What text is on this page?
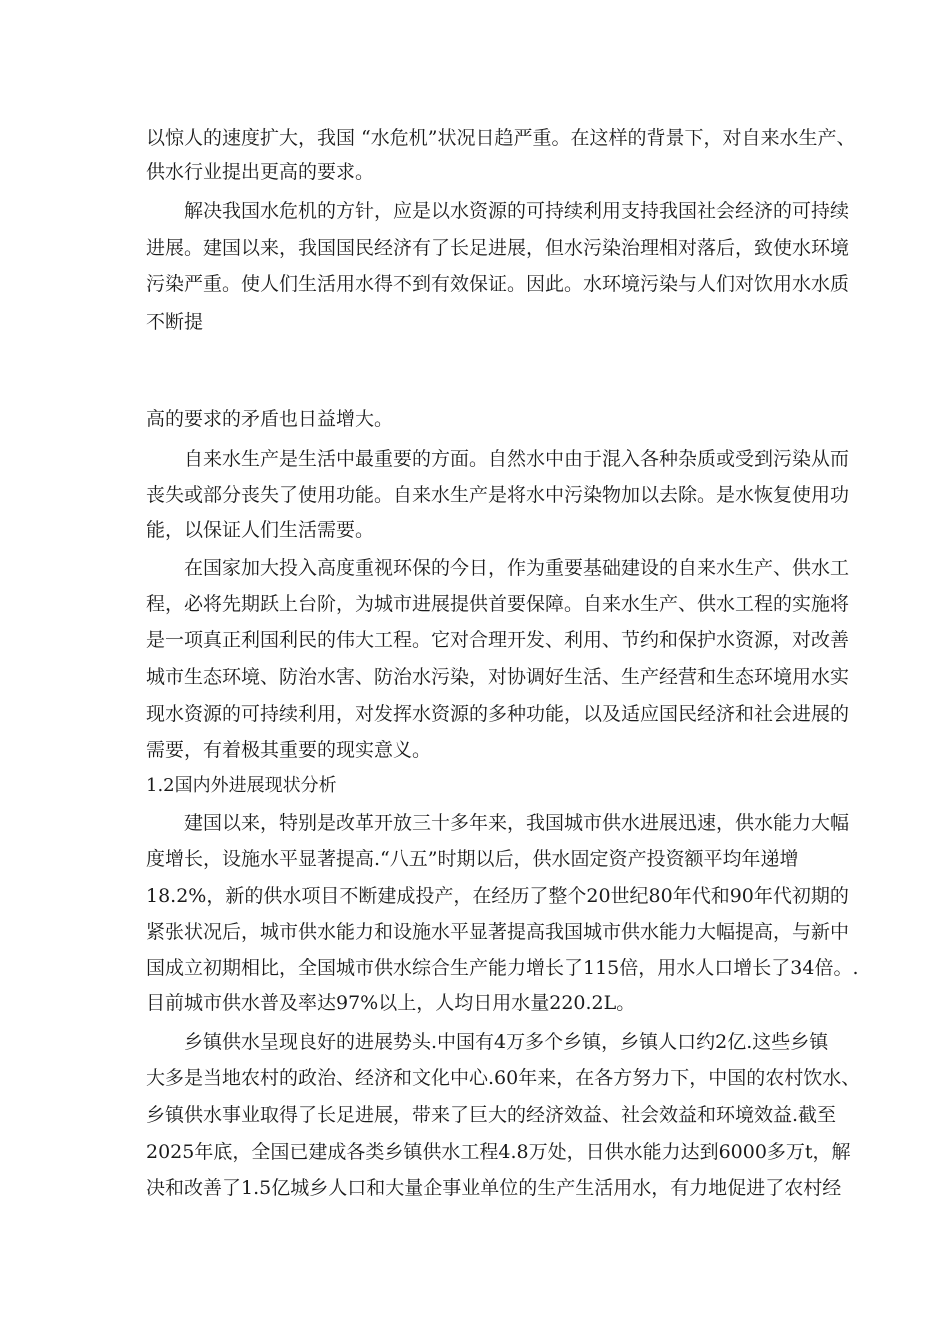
以惊人的速度扩大，我国 “水危机”状况日趋严重。在这样的背景下，对自来水生产、
供水行业提出更高的要求。
解决我国水危机的方针，应是以水资源的可持续利用支持我国社会经济的可持续
进展。建国以来，我国国民经济有了长足进展，但水污染治理相对落后，致使水环境
污染严重。使人们生活用水得不到有效保证。因此。水环境污染与人们对饮用水水质
不断提
高的要求的矛盾也日益增大。
自来水生产是生活中最重要的方面。自然水中由于混入各种杂质或受到污染从而
丧失或部分丧失了使用功能。自来水生产是将水中污染物加以去除。是水恢复使用功
能，以保证人们生活需要。
在国家加大投入高度重视环保的今日，作为重要基础建设的自来水生产、供水工
程，必将先期跃上台阶，为城市进展提供首要保障。自来水生产、供水工程的实施将
是一项真正利国利民的伟大工程。它对合理开发、利用、节约和保护水资源，对改善
城市生态环境、防治水害、防治水污染，对协调好生活、生产经营和生态环境用水实
现水资源的可持续利用，对发挥水资源的多种功能，以及适应国民经济和社会进展的
需要，有着极其重要的现实意义。
1.2国内外进展现状分析
建国以来，特别是改革开放三十多年来，我国城市供水进展迅速，供水能力大幅
度增长，设施水平显著提高.“八五”时期以后，供水固定资产投资额平均年递增
18.2%，新的供水项目不断建成投产，在经历了整个20世纪80年代和90年代初期的
紧张状况后，城市供水能力和设施水平显著提高我国城市供水能力大幅提高，与新中
国成立初期相比，全国城市供水综合生产能力增长了115倍，用水人口增长了34倍。.
目前城市供水普及率达97%以上，人均日用水量220.2L。
乡镇供水呈现良好的进展势头.中国有4万多个乡镇，乡镇人口约2亿.这些乡镇
大多是当地农村的政治、经济和文化中心.60年来，在各方努力下，中国的农村饮水、
乡镇供水事业取得了长足进展，带来了巨大的经济效益、社会效益和环境效益.截至
2025年底，全国已建成各类乡镇供水工程4.8万处，日供水能力达到6000多万t，解
决和改善了1.5亿城乡人口和大量企事业单位的生产生活用水，有力地促进了农村经
